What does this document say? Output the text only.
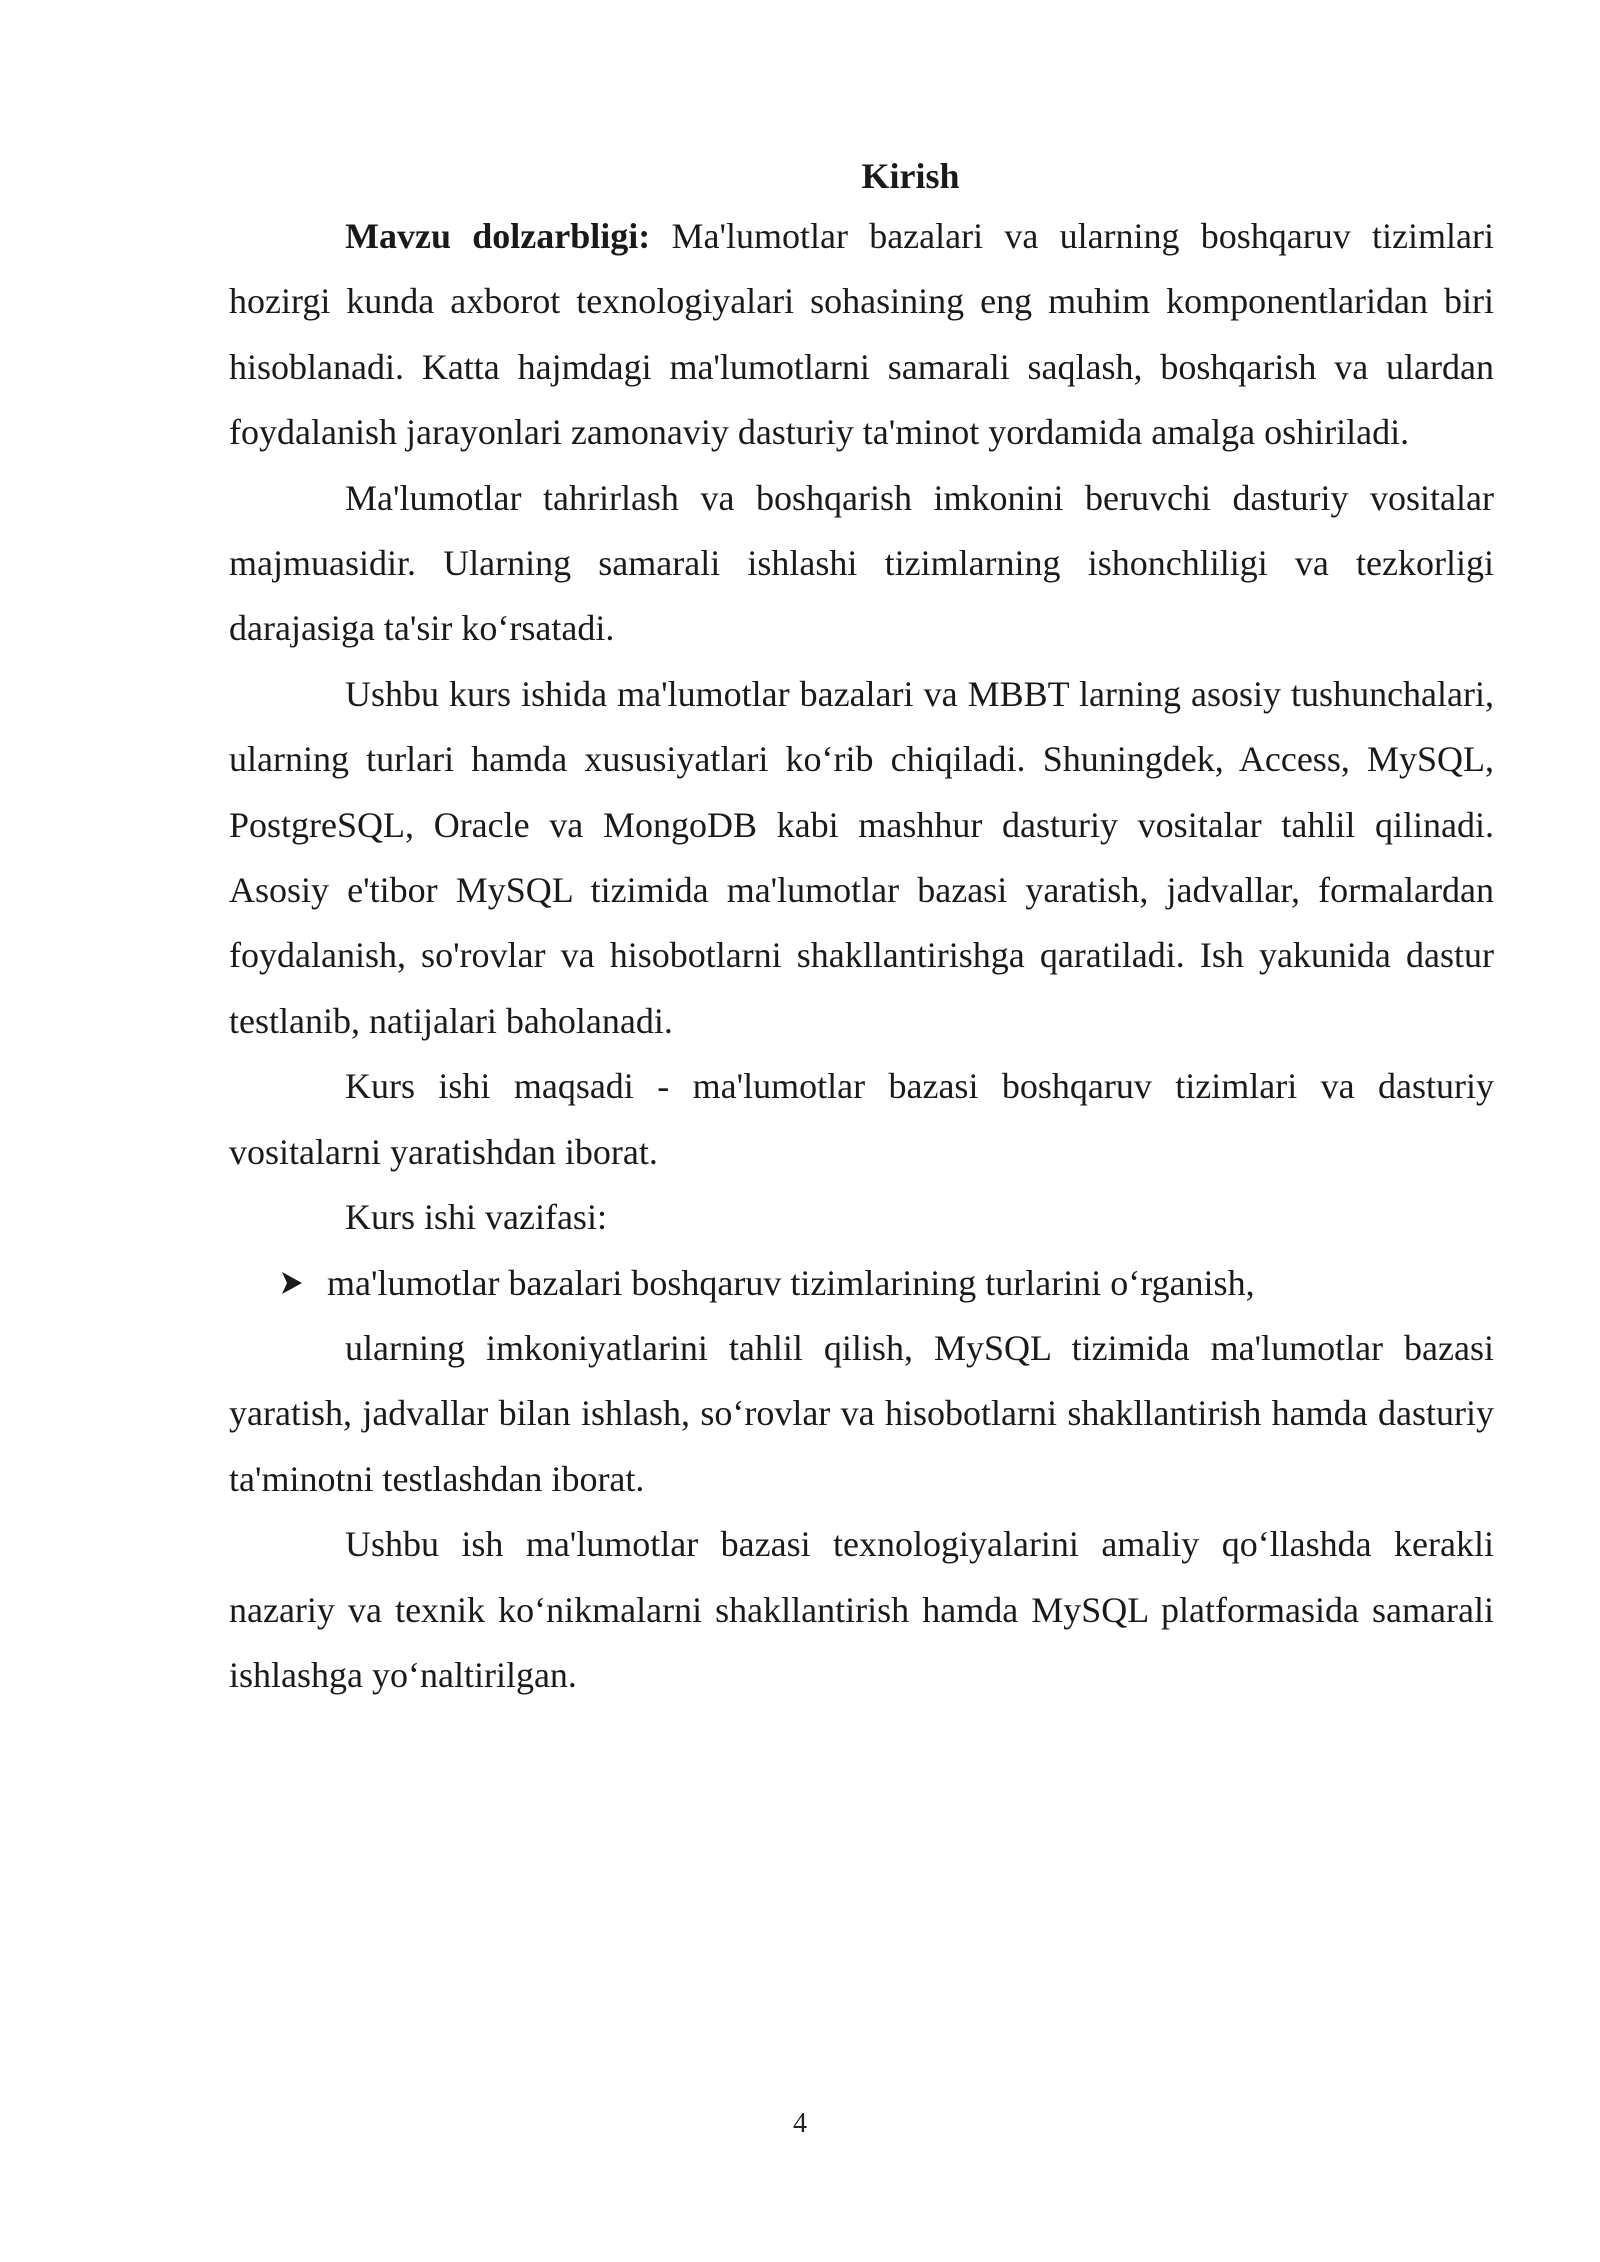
Kirish

Mavzu dolzarbligi: Ma'lumotlar bazalari va ularning boshqaruv tizimlari hozirgi kunda axborot texnologiyalari sohasining eng muhim komponentlaridan biri hisoblanadi. Katta hajmdagi ma'lumotlarni samarali saqlash, boshqarish va ulardan foydalanish jarayonlari zamonaviy dasturiy ta'minot yordamida amalga oshiriladi.

Ma'lumotlar tahrirlash va boshqarish imkonini beruvchi dasturiy vositalar majmuasidir. Ularning samarali ishlashi tizimlarning ishonchliligi va tezkorligi darajasiga ta'sir ko‘rsatadi.

Ushbu kurs ishida ma'lumotlar bazalari va MBBT larning asosiy tushunchalari, ularning turlari hamda xususiyatlari ko‘rib chiqiladi. Shuningdek, Access, MySQL, PostgreSQL, Oracle va MongoDB kabi mashhur dasturiy vositalar tahlil qilinadi. Asosiy e'tibor MySQL tizimida ma'lumotlar bazasi yaratish, jadvallar, formalardan foydalanish, so'rovlar va hisobotlarni shakllantirishga qaratiladi. Ish yakunida dastur testlanib, natijalari baholanadi.

Kurs ishi maqsadi - ma'lumotlar bazasi boshqaruv tizimlari va dasturiy vositalarni yaratishdan iborat.

Kurs ishi vazifasi:

ma'lumotlar bazalari boshqaruv tizimlarining turlarini o‘rganish,

ularning imkoniyatlarini tahlil qilish, MySQL tizimida ma'lumotlar bazasi yaratish, jadvallar bilan ishlash, so‘rovlar va hisobotlarni shakllantirish hamda dasturiy ta'minotni testlashdan iborat.

Ushbu ish ma'lumotlar bazasi texnologiyalarini amaliy qo‘llashda kerakli nazariy va texnik ko‘nikmalarni shakllantirish hamda MySQL platformasida samarali ishlashga yo‘naltirilgan.

4
